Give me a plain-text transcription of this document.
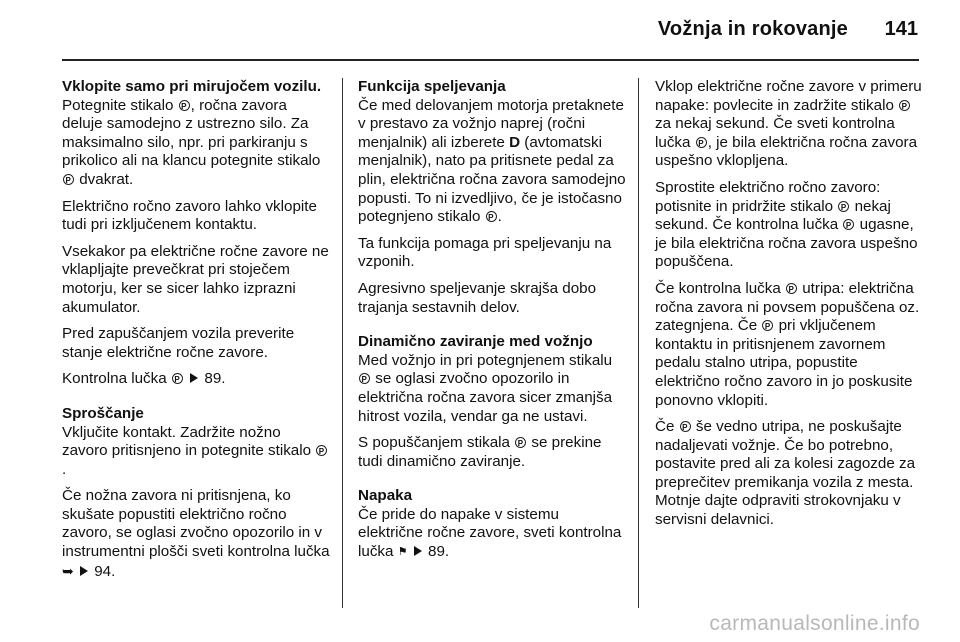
Vožnja in rokovanje 141

Vklopite samo pri mirujočem vozilu.
Potegnite stikalo P, ročna zavora deluje samodejno z ustrezno silo. Za maksimalno silo, npr. pri parkiranju s prikolico ali na klancu potegnite stikalo P dvakrat.

Električno ročno zavoro lahko vklopite tudi pri izključenem kontaktu.

Vsekakor pa električne ročne zavore ne vklapljajte prevečkrat pri stoječem motorju, ker se sicer lahko izprazni akumulator.

Pred zapuščanjem vozila preverite stanje električne ročne zavore.

Kontrolna lučka P  89.

Sproščanje
Vključite kontakt. Zadržite nožno zavoro pritisnjeno in potegnite stikalo P.

Če nožna zavora ni pritisnjena, ko skušate popustiti električno ročno zavoro, se oglasi zvočno opozorilo in v instrumentni plošči sveti kontrolna lučka ➥  94.

Funkcija speljevanja
Če med delovanjem motorja pretaknete v prestavo za vožnjo naprej (ročni menjalnik) ali izberete D (avtomatski menjalnik), nato pa pritisnete pedal za plin, električna ročna zavora samodejno popusti. To ni izvedljivo, če je istočasno potegnjeno stikalo P.

Ta funkcija pomaga pri speljevanju na vzponih.

Agresivno speljevanje skrajša dobo trajanja sestavnih delov.

Dinamično zaviranje med vožnjo
Med vožnjo in pri potegnjenem stikalu P se oglasi zvočno opozorilo in električna ročna zavora sicer zmanjša hitrost vozila, vendar ga ne ustavi.

S popuščanjem stikala P se prekine tudi dinamično zaviranje.

Napaka
Če pride do napake v sistemu električne ročne zavore, sveti kontrolna lučka ⚑  89.

Vklop električne ročne zavore v primeru napake: povlecite in zadržite stikalo P za nekaj sekund. Če sveti kontrolna lučka P, je bila električna ročna zavora uspešno vklopljena.

Sprostite električno ročno zavoro: potisnite in pridržite stikalo P nekaj sekund. Če kontrolna lučka P ugasne, je bila električna ročna zavora uspešno popuščena.

Če kontrolna lučka P utripa: električna ročna zavora ni povsem popuščena oz. zategnjena. Če P pri vključenem kontaktu in pritisnjenem zavornem pedalu stalno utripa, popustite električno ročno zavoro in jo poskusite ponovno vklopiti.

Če P še vedno utripa, ne poskušajte nadaljevati vožnje. Če bo potrebno, postavite pred ali za kolesi zagozde za preprečitev premikanja vozila z mesta. Motnje dajte odpraviti strokovnjaku v servisni delavnici.

carmanualsonline.info
